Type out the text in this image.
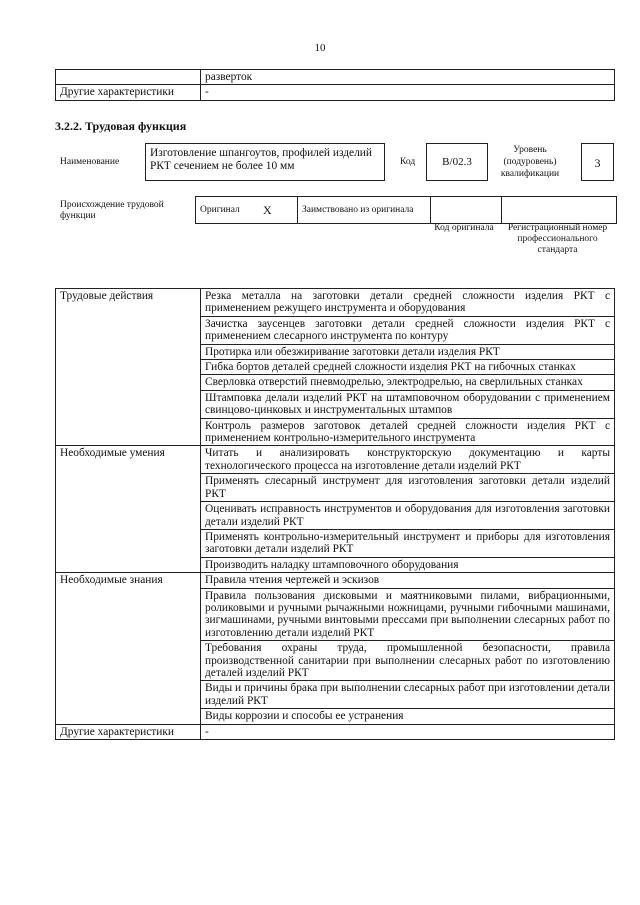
10
	разверток
Другие характеристики	-
3.2.2. Трудовая функция
Наименование
Изготовление шпангоутов, профилей изделий РКТ сечением не более 10 мм	Код	B/02.3
Уровень (подуровень) квалификации
3
Происхождение трудовой функции
Оригинал	X	Заимствовано из оригинала		
Код оригинала	Регистрационный номер профессионального стандарта
Трудовые действия	Резка металла на заготовки детали средней сложности изделия РКТ с применением режущего инструмента и оборудования
	Зачистка заусенцев заготовки детали средней сложности изделия РКТ с применением слесарного инструмента по контуру
	Протирка или обезжиривание заготовки детали изделия РКТ
	Гибка бортов деталей средней сложности изделия РКТ на гибочных станках
	Сверловка отверстий пневмодрелью, электродрелью, на сверлильных станках
	Штамповка делали изделий РКТ на штамповочном оборудовании с применением свинцово-цинковых и инструментальных штампов
	Контроль размеров заготовок деталей средней сложности изделия РКТ с применением контрольно-измерительного инструмента
Необходимые умения	Читать и анализировать конструкторскую документацию и карты технологического процесса на изготовление детали изделий РКТ
	Применять слесарный инструмент для изготовления заготовки детали изделий РКТ
	Оценивать исправность инструментов и оборудования для изготовления заготовки детали изделий РКТ
	Применять контрольно-измерительный инструмент и приборы для изготовления заготовки детали изделий РКТ
	Производить наладку штамповочного оборудования
Необходимые знания	Правила чтения чертежей и эскизов
	Правила пользования дисковыми и маятниковыми пилами, вибрационными, роликовыми и ручными рычажными ножницами, ручными гибочными машинами, зигмашинами, ручными винтовыми прессами при выполнении слесарных работ по изготовлению детали изделий РКТ
	Требования охраны труда, промышленной безопасности, правила производственной санитарии при выполнении слесарных работ по изготовлению деталей изделий РКТ
	Виды и причины брака при выполнении слесарных работ при изготовлении детали изделий РКТ
	Виды коррозии и способы ее устранения
Другие характеристики	-
